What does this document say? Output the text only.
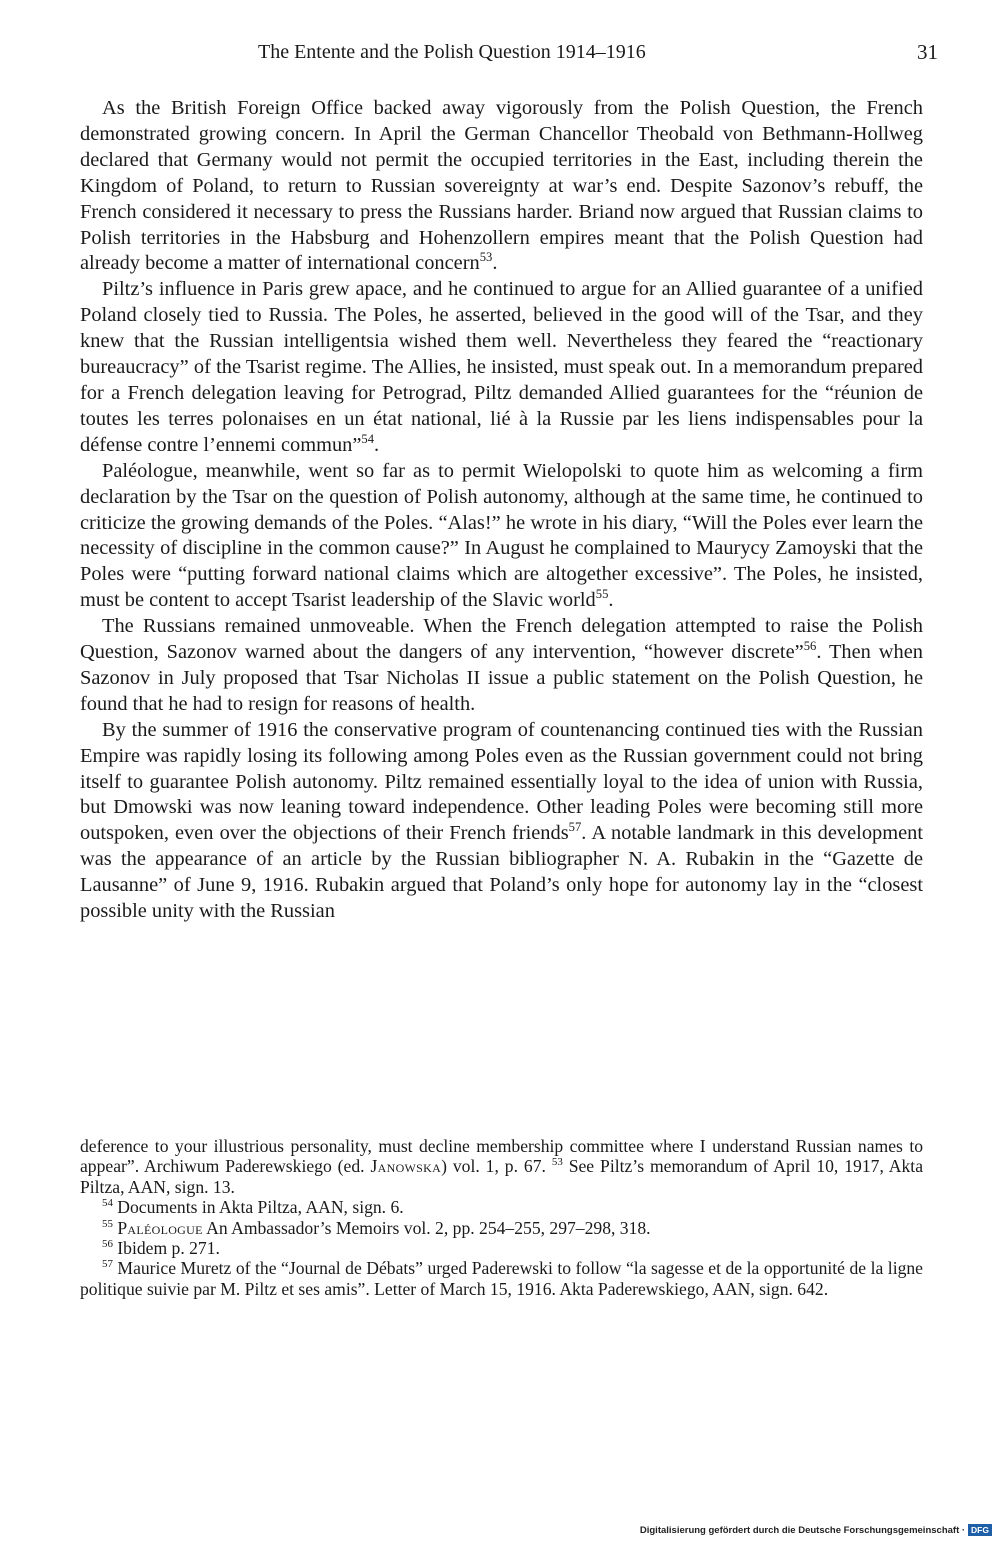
The Entente and the Polish Question 1914–1916	31

As the British Foreign Office backed away vigorously from the Polish Question, the French demonstrated growing concern. In April the German Chancellor Theobald von Bethmann-Hollweg declared that Germany would not permit the occupied territories in the East, including therein the Kingdom of Poland, to return to Russian sovereignty at war’s end. Despite Sazonov’s rebuff, the French considered it necessary to press the Russians harder. Briand now argued that Russian claims to Polish territories in the Habsburg and Hohenzollern empires meant that the Polish Question had already become a matter of international concern$^{53}$.

Piltz’s influence in Paris grew apace, and he continued to argue for an Allied guarantee of a unified Poland closely tied to Russia. The Poles, he asserted, believed in the good will of the Tsar, and they knew that the Russian intelligentsia wished them well. Nevertheless they feared the “reactionary bureaucracy” of the Tsarist regime. The Allies, he insisted, must speak out. In a memorandum prepared for a French delegation leaving for Petrograd, Piltz demanded Allied guarantees for the “réunion de toutes les terres polonaises en un état national, lié à la Russie par les liens indispensables pour la défense contre l’ennemi commun”$^{54}$.

Paléologue, meanwhile, went so far as to permit Wielopolski to quote him as welcoming a firm declaration by the Tsar on the question of Polish autonomy, although at the same time, he continued to criticize the growing demands of the Poles. “Alas!” he wrote in his diary, “Will the Poles ever learn the necessity of discipline in the common cause?” In August he complained to Maurycy Zamoyski that the Poles were “putting forward national claims which are altogether excessive”. The Poles, he insisted, must be content to accept Tsarist leadership of the Slavic world$^{55}$.

The Russians remained unmoveable. When the French delegation attempted to raise the Polish Question, Sazonov warned about the dangers of any intervention, “however discrete”$^{56}$. Then when Sazonov in July proposed that Tsar Nicholas II issue a public statement on the Polish Question, he found that he had to resign for reasons of health.

By the summer of 1916 the conservative program of countenancing continued ties with the Russian Empire was rapidly losing its following among Poles even as the Russian government could not bring itself to guarantee Polish autonomy. Piltz remained essentially loyal to the idea of union with Russia, but Dmowski was now leaning toward independence. Other leading Poles were becoming still more outspoken, even over the objections of their French friends$^{57}$. A notable landmark in this development was the appearance of an article by the Russian bibliographer N. A. Rubakin in the “Gazette de Lausanne” of June 9, 1916. Rubakin argued that Poland’s only hope for autonomy lay in the “closest possible unity with the Russian

deference to your illustrious personality, must decline membership committee where I understand Russian names to appear”. Archiwum Paderewskiego (ed. Janowska) vol. 1, p. 67. $^{53}$ See Piltz’s memorandum of April 10, 1917, Akta Piltza, AAN, sign. 13.

$^{54}$ Documents in Akta Piltza, AAN, sign. 6.

$^{55}$ Paléologue An Ambassador’s Memoirs vol. 2, pp. 254–255, 297–298, 318.

$^{56}$ Ibidem p. 271.

$^{57}$ Maurice Muretz of the “Journal de Débats” urged Paderewski to follow “la sagesse et de la opportunité de la ligne politique suivie par M. Piltz et ses amis”. Letter of March 15, 1916. Akta Paderewskiego, AAN, sign. 642.

Digitalisierung gefördert durch die Deutsche Forschungsgemeinschaft · DFG
